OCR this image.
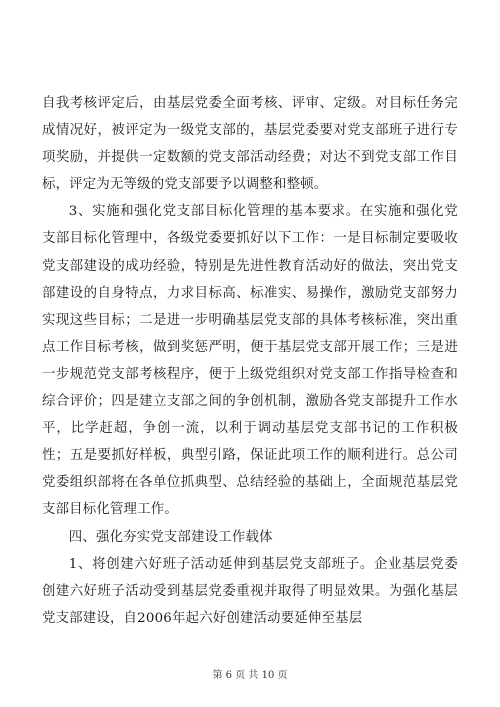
自我考核评定后，由基层党委全面考核、评审、定级。对目标任务完成情况好，被评定为一级党支部的，基层党委要对党支部班子进行专项奖励，并提供一定数额的党支部活动经费；对达不到党支部工作目标，评定为无等级的党支部要予以调整和整顿。

3、实施和强化党支部目标化管理的基本要求。在实施和强化党支部目标化管理中，各级党委要抓好以下工作：一是目标制定要吸收党支部建设的成功经验，特别是先进性教育活动好的做法，突出党支部建设的自身特点，力求目标高、标准实、易操作，激励党支部努力实现这些目标；二是进一步明确基层党支部的具体考核标准，突出重点工作目标考核，做到奖惩严明，便于基层党支部开展工作；三是进一步规范党支部考核程序，便于上级党组织对党支部工作指导检查和综合评价；四是建立支部之间的争创机制，激励各党支部提升工作水平，比学赶超，争创一流，以利于调动基层党支部书记的工作积极性；五是要抓好样板，典型引路，保证此项工作的顺利进行。总公司党委组织部将在各单位抓典型、总结经验的基础上，全面规范基层党支部目标化管理工作。

四、强化夯实党支部建设工作载体

1、将创建六好班子活动延伸到基层党支部班子。企业基层党委创建六好班子活动受到基层党委重视并取得了明显效果。为强化基层党支部建设，自2006年起六好创建活动要延伸至基层

第 6 页 共 10 页
